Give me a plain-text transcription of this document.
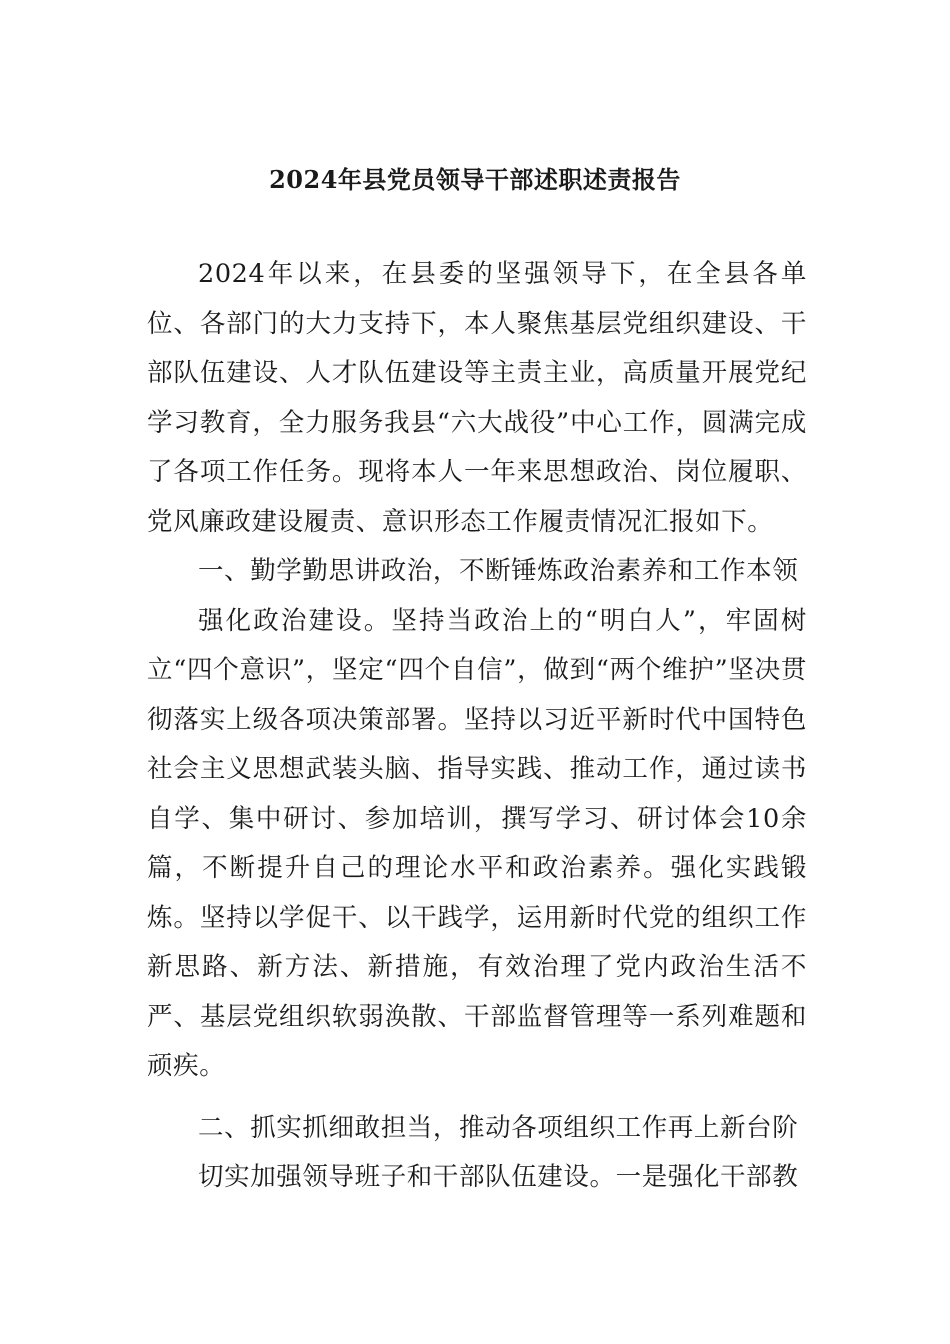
2024年县党员领导干部述职述责报告

2024年以来，在县委的坚强领导下，在全县各单位、各部门的大力支持下，本人聚焦基层党组织建设、干部队伍建设、人才队伍建设等主责主业，高质量开展党纪学习教育，全力服务我县“六大战役”中心工作，圆满完成了各项工作任务。现将本人一年来思想政治、岗位履职、党风廉政建设履责、意识形态工作履责情况汇报如下。

一、勤学勤思讲政治，不断锤炼政治素养和工作本领

强化政治建设。坚持当政治上的“明白人”，牢固树立“四个意识”，坚定“四个自信”，做到“两个维护”坚决贯彻落实上级各项决策部署。坚持以习近平新时代中国特色社会主义思想武装头脑、指导实践、推动工作，通过读书自学、集中研讨、参加培训，撰写学习、研讨体会10余篇，不断提升自己的理论水平和政治素养。强化实践锻炼。坚持以学促干、以干践学，运用新时代党的组织工作新思路、新方法、新措施，有效治理了党内政治生活不严、基层党组织软弱涣散、干部监督管理等一系列难题和顽疾。

二、抓实抓细敢担当，推动各项组织工作再上新台阶

切实加强领导班子和干部队伍建设。一是强化干部教
